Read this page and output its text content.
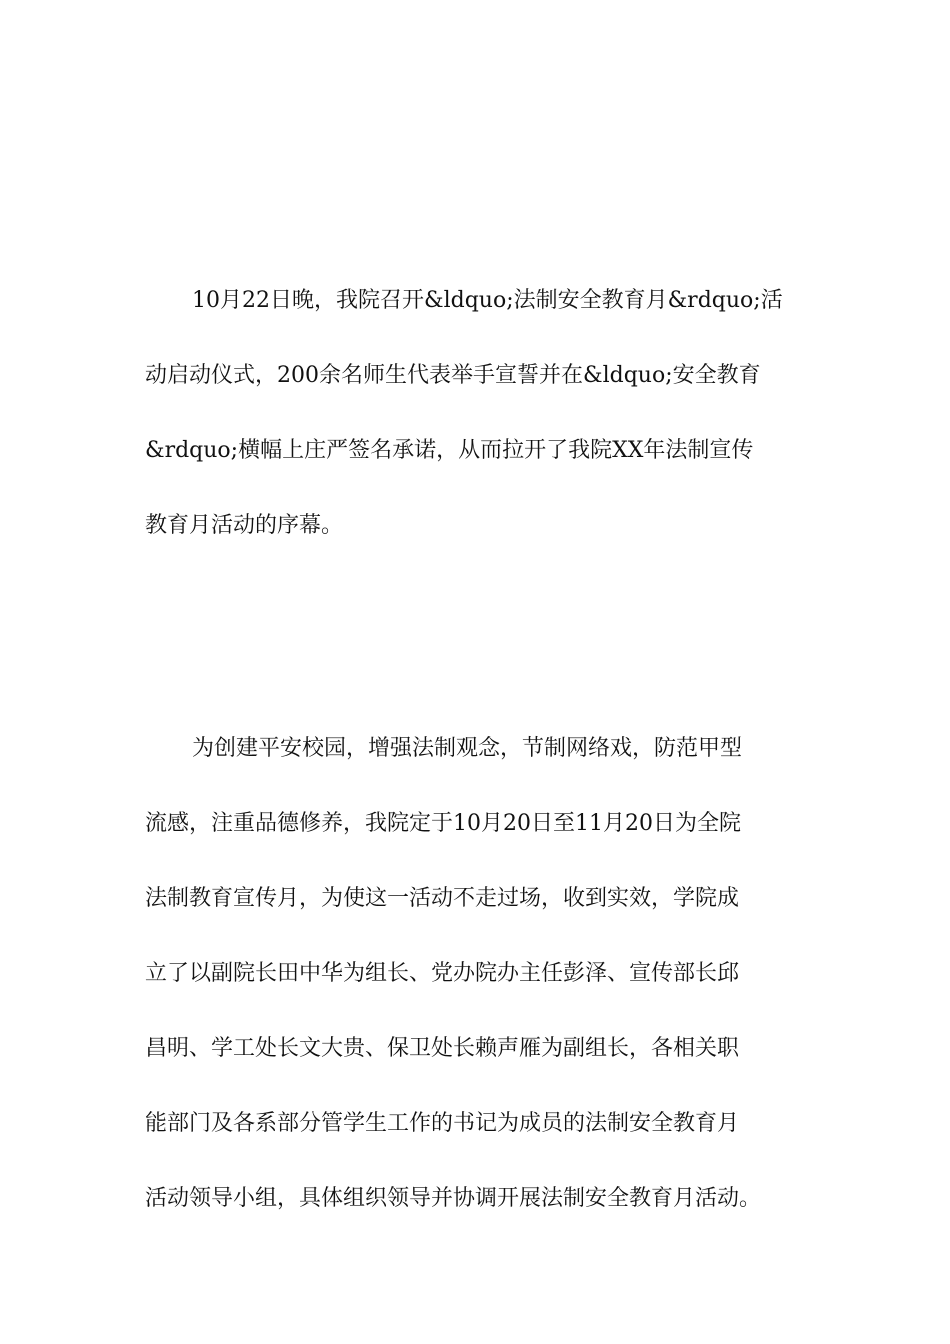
10月22日晚，我院召开&ldquo;法制安全教育月&rdquo;活
动启动仪式，200余名师生代表举手宣誓并在&ldquo;安全教育
&rdquo;横幅上庄严签名承诺，从而拉开了我院XX年法制宣传
教育月活动的序幕。
为创建平安校园，增强法制观念，节制网络戏，防范甲型
流感，注重品德修养，我院定于10月20日至11月20日为全院
法制教育宣传月，为使这一活动不走过场，收到实效，学院成
立了以副院长田中华为组长、党办院办主任彭泽、宣传部长邱
昌明、学工处长文大贵、保卫处长赖声雁为副组长，各相关职
能部门及各系部分管学生工作的书记为成员的法制安全教育月
活动领导小组，具体组织领导并协调开展法制安全教育月活动。
